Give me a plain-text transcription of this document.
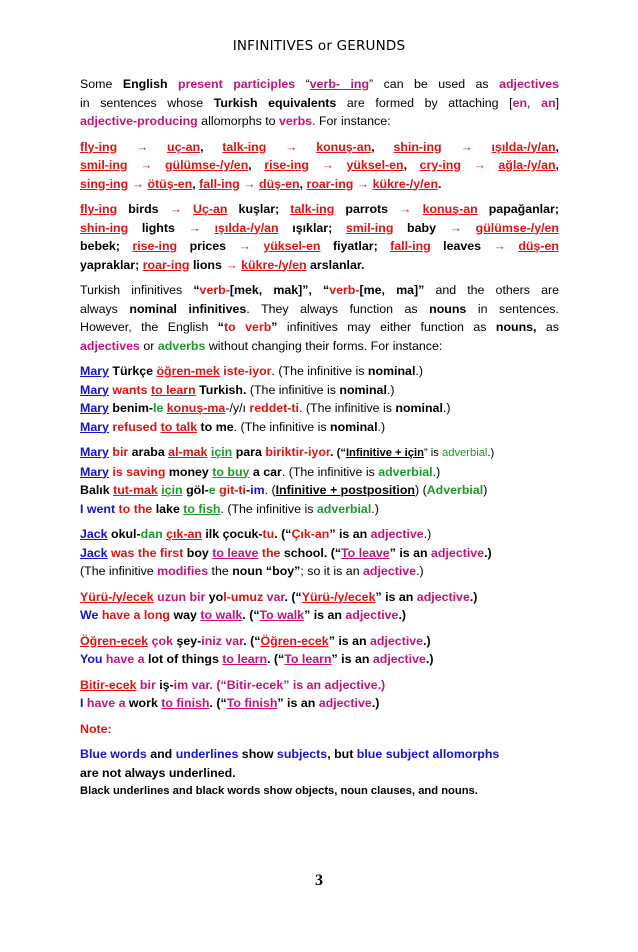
INFINITIVES or GERUNDS

Some English present participles “verb- ing” can be used as adjectives

in sentences whose Turkish equivalents are formed by attaching [en, an]

adjective-producing allomorphs to verbs. For instance:

fly-ing → uç-an, talk-ing → konuş-an, shin-ing → ışılda-/y/an,

smil-ing → gülümse-/y/en, rise-ing → yüksel-en, cry-ing → ağla-/y/an,

sing-ing → ötüş-en, fall-ing → düş-en, roar-ing → kükre-/y/en.

fly-ing birds → Uç-an kuşlar; talk-ing parrots → konuş-an papağanlar;

shin-ing lights → ışılda-/y/an ışıklar; smil-ing baby → gülümse-/y/en

bebek; rise-ing prices → yüksel-en fiyatlar; fall-ing leaves → düş-en

yapraklar; roar-ing lions → kükre-/y/en arslanlar.

Turkish infinitives “verb-[mek, mak]”, “verb-[me, ma]” and the others are

always nominal infinitives. They always function as nouns in sentences.

However, the English “to verb” infinitives may either function as nouns, as

adjectives or adverbs without changing their forms. For instance:

Mary Türkçe öğren-mek iste-iyor. (The infinitive is nominal.)

Mary wants to learn Turkish. (The infinitive is nominal.)

Mary benim-le konuş-ma-/y/ı reddet-ti. (The infinitive is nominal.)

Mary refused to talk to me. (The infinitive is nominal.)

Mary bir araba al-mak için para biriktir-iyor. (“Infinitive + için” is adverbial.)

Mary is saving money to buy a car. (The infinitive is adverbial.)

Balık tut-mak için göl-e git-ti-im. (Infinitive + postposition) (Adverbial)

I went to the lake to fish. (The infinitive is adverbial.)

Jack okul-dan çık-an ilk çocuk-tu. (“Çık-an” is an adjective.)

Jack was the first boy to leave the school. (“To leave” is an adjective.)

(The infinitive modifies the noun “boy”; so it is an adjective.)

Yürü-/y/ecek uzun bir yol-umuz var. (“Yürü-/y/ecek” is an adjective.)

We have a long way to walk. (“To walk” is an adjective.)

Öğren-ecek çok şey-iniz var. (“Öğren-ecek” is an adjective.)

You have a lot of things to learn. (“To learn” is an adjective.)

Bitir-ecek bir iş-im var. (“Bitir-ecek” is an adjective.)

I have a work to finish. (“To finish” is an adjective.)

Note:

Blue words and underlines show subjects, but blue subject allomorphs

are not always underlined.

Black underlines and black words show objects, noun clauses, and nouns.

3
